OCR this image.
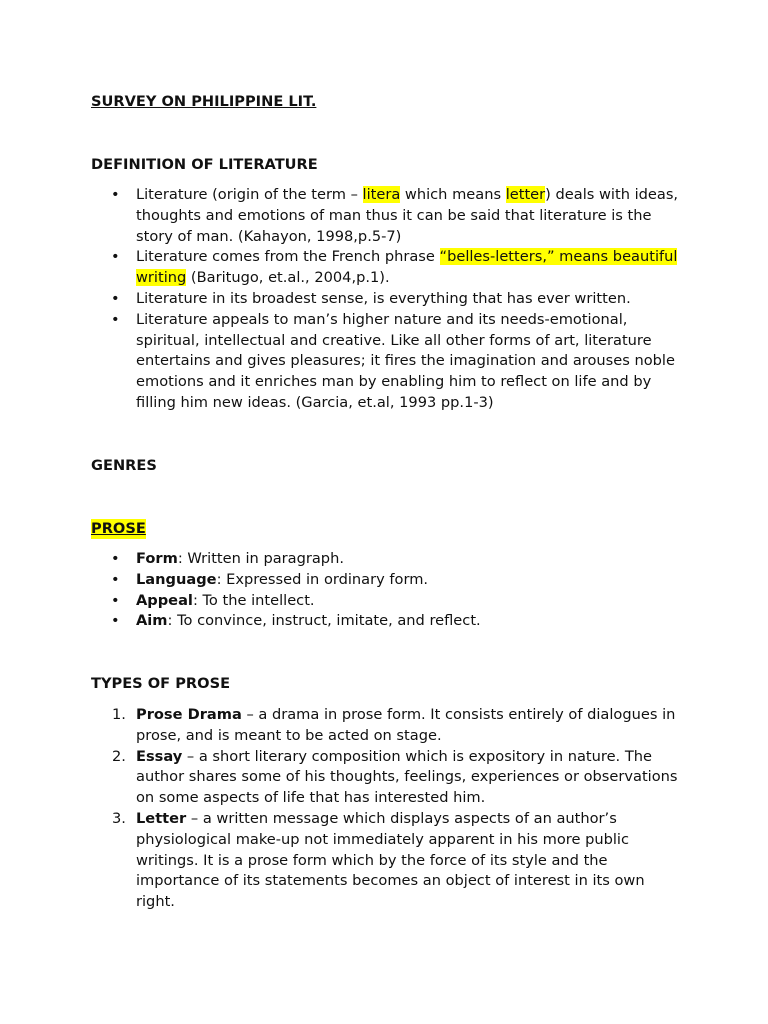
SURVEY ON PHILIPPINE LIT.
DEFINITION OF LITERATURE
• Literature (origin of the term – litera which means letter) deals with ideas, thoughts and emotions of man thus it can be said that literature is the story of man. (Kahayon, 1998,p.5-7)
• Literature comes from the French phrase “belles-letters,” means beautiful writing (Baritugo, et.al., 2004,p.1).
• Literature in its broadest sense, is everything that has ever written.
• Literature appeals to man’s higher nature and its needs-emotional, spiritual, intellectual and creative. Like all other forms of art, literature entertains and gives pleasures; it fires the imagination and arouses noble emotions and it enriches man by enabling him to reflect on life and by filling him new ideas. (Garcia, et.al, 1993 pp.1-3)
GENRES
PROSE
• Form: Written in paragraph.
• Language: Expressed in ordinary form.
• Appeal: To the intellect.
• Aim: To convince, instruct, imitate, and reflect.
TYPES OF PROSE
1. Prose Drama – a drama in prose form. It consists entirely of dialogues in prose, and is meant to be acted on stage.
2. Essay – a short literary composition which is expository in nature. The author shares some of his thoughts, feelings, experiences or observations on some aspects of life that has interested him.
3. Letter – a written message which displays aspects of an author’s physiological make-up not immediately apparent in his more public writings. It is a prose form which by the force of its style and the importance of its statements becomes an object of interest in its own right.
